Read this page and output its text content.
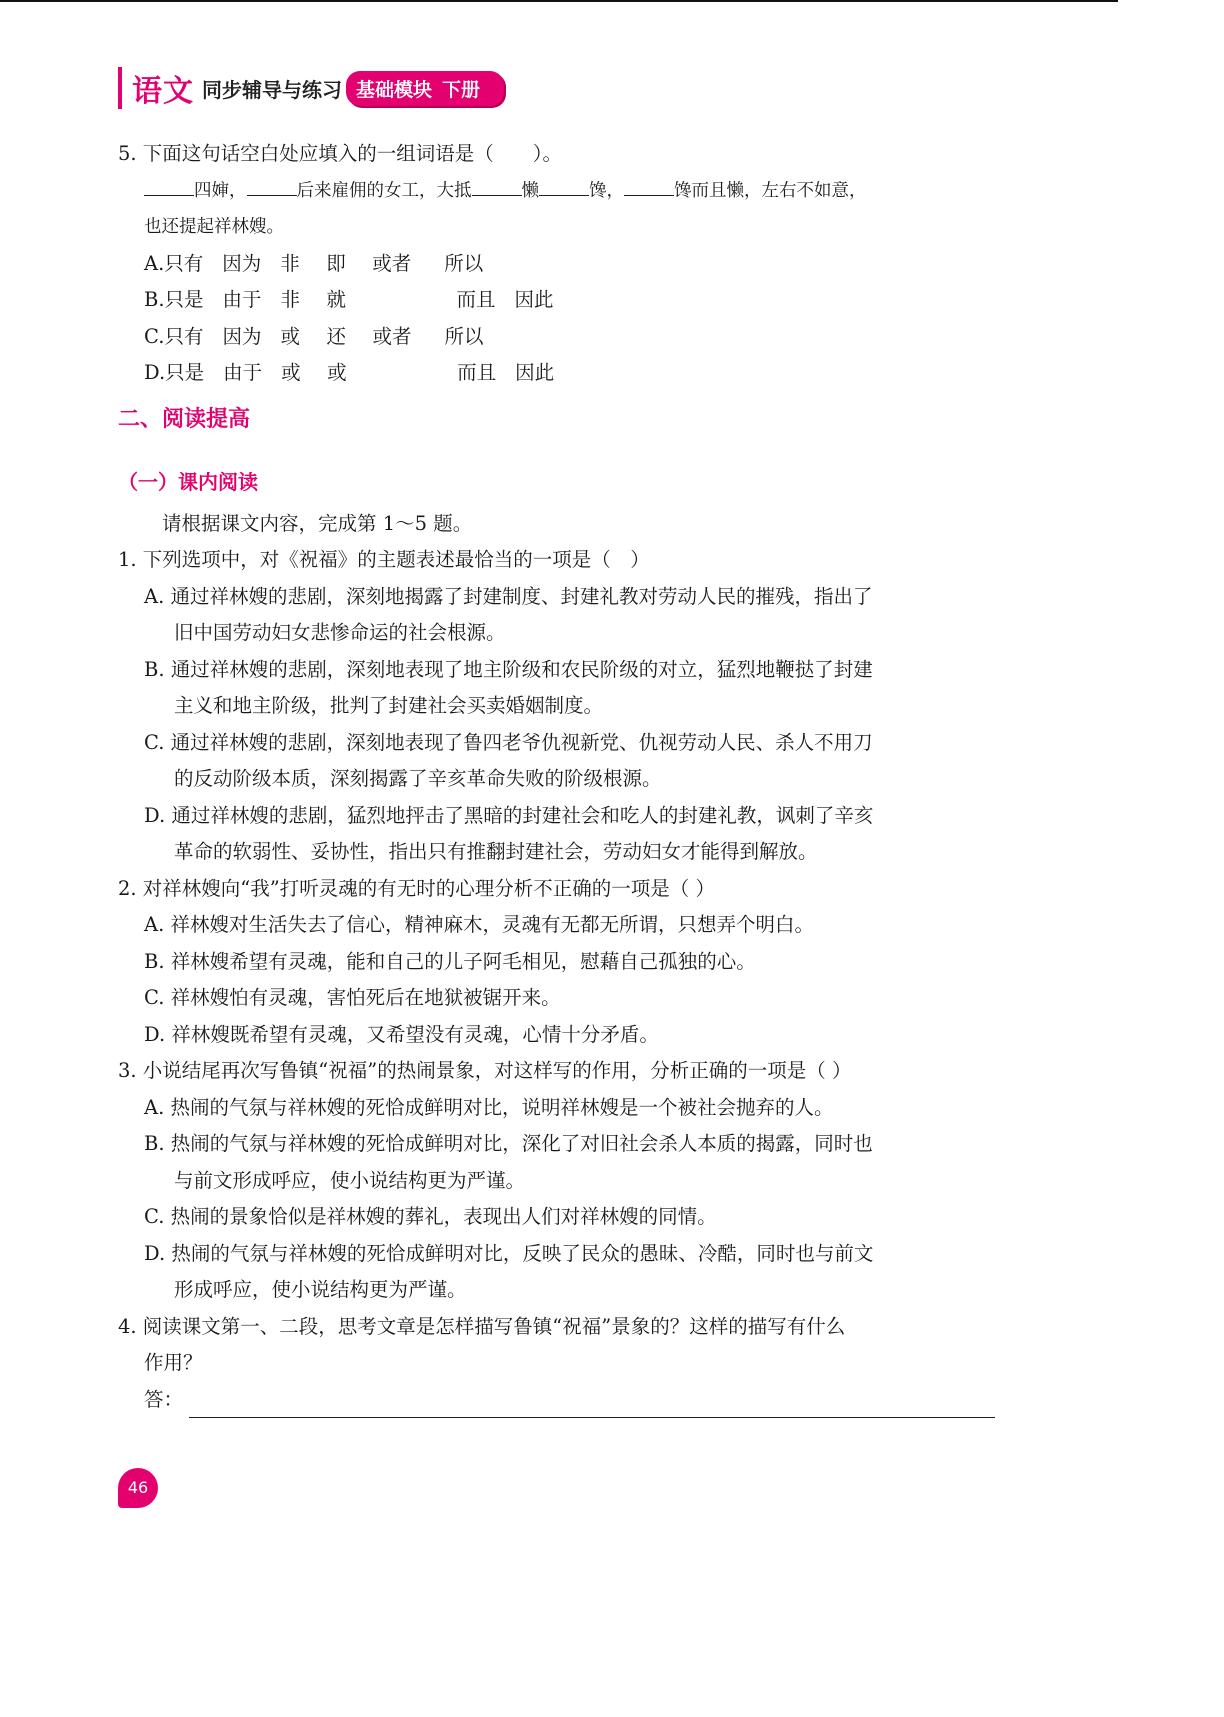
语文 同步辅导与练习 基础模块 下册
5. 下面这句话空白处应填入的一组词语是（　　）。
四婶，	后来雇佣的女工，大抵	懒	馋，	馋而且懒，左右不如意，
也还提起祥林嫂。
A.只有 因为 非 即 或者 所以
B.只是 由于 非 就	而且 因此
C.只有 因为 或 还 或者 所以
D.只是 由于 或 或	而且 因此
二、阅读提高
（一）课内阅读
请根据课文内容，完成第 1～5 题。
1. 下列选项中，对《祝福》的主题表述最恰当的一项是（　）
A. 通过祥林嫂的悲剧，深刻地揭露了封建制度、封建礼教对劳动人民的摧残，指出了
旧中国劳动妇女悲惨命运的社会根源。
B. 通过祥林嫂的悲剧，深刻地表现了地主阶级和农民阶级的对立，猛烈地鞭挞了封建
主义和地主阶级，批判了封建社会买卖婚姻制度。
C. 通过祥林嫂的悲剧，深刻地表现了鲁四老爷仇视新党、仇视劳动人民、杀人不用刀
的反动阶级本质，深刻揭露了辛亥革命失败的阶级根源。
D. 通过祥林嫂的悲剧，猛烈地抨击了黑暗的封建社会和吃人的封建礼教，讽刺了辛亥
革命的软弱性、妥协性，指出只有推翻封建社会，劳动妇女才能得到解放。
2. 对祥林嫂向“我”打听灵魂的有无时的心理分析不正确的一项是（ ）
A. 祥林嫂对生活失去了信心，精神麻木，灵魂有无都无所谓，只想弄个明白。
B. 祥林嫂希望有灵魂，能和自己的儿子阿毛相见，慰藉自己孤独的心。
C. 祥林嫂怕有灵魂，害怕死后在地狱被锯开来。
D. 祥林嫂既希望有灵魂，又希望没有灵魂，心情十分矛盾。
3. 小说结尾再次写鲁镇“祝福”的热闹景象，对这样写的作用，分析正确的一项是（ ）
A. 热闹的气氛与祥林嫂的死恰成鲜明对比，说明祥林嫂是一个被社会抛弃的人。
B. 热闹的气氛与祥林嫂的死恰成鲜明对比，深化了对旧社会杀人本质的揭露，同时也
与前文形成呼应，使小说结构更为严谨。
C. 热闹的景象恰似是祥林嫂的葬礼，表现出人们对祥林嫂的同情。
D. 热闹的气氛与祥林嫂的死恰成鲜明对比，反映了民众的愚昧、冷酷，同时也与前文
形成呼应，使小说结构更为严谨。
4. 阅读课文第一、二段，思考文章是怎样描写鲁镇“祝福”景象的？这样的描写有什么
作用？
答：
46
